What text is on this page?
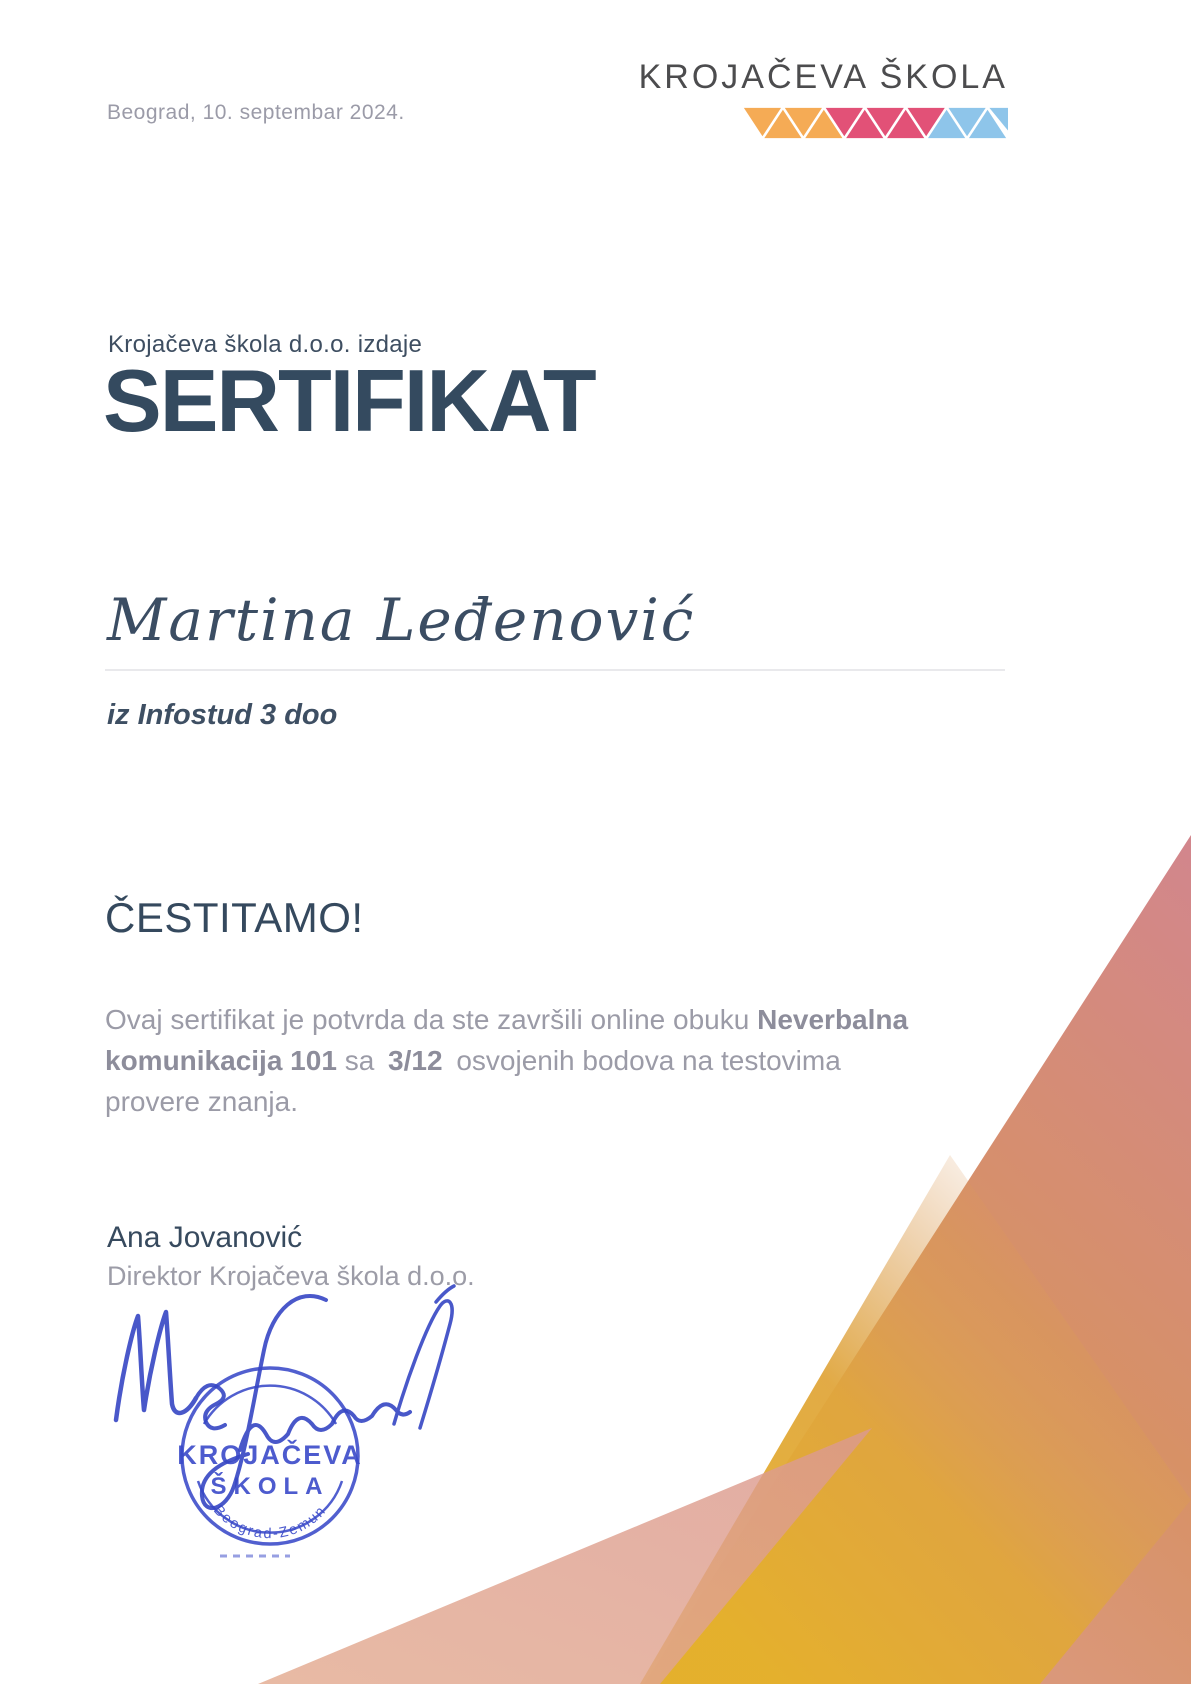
Beograd, 10. septembar 2024.
KROJAČEVA ŠKOLA
Krojačeva škola d.o.o. izdaje
SERTIFIKAT
Martina Leđenović
iz Infostud 3 doo
ČESTITAMO!

Ovaj sertifikat je potvrda da ste završili online obuku Neverbalna komunikacija 101 sa 3/12 osvojenih bodova na testovima provere znanja.

Ana Jovanović
Direktor Krojačeva škola d.o.o.
KROJAČEVA
ŠKOLA
Beograd-Zemun
